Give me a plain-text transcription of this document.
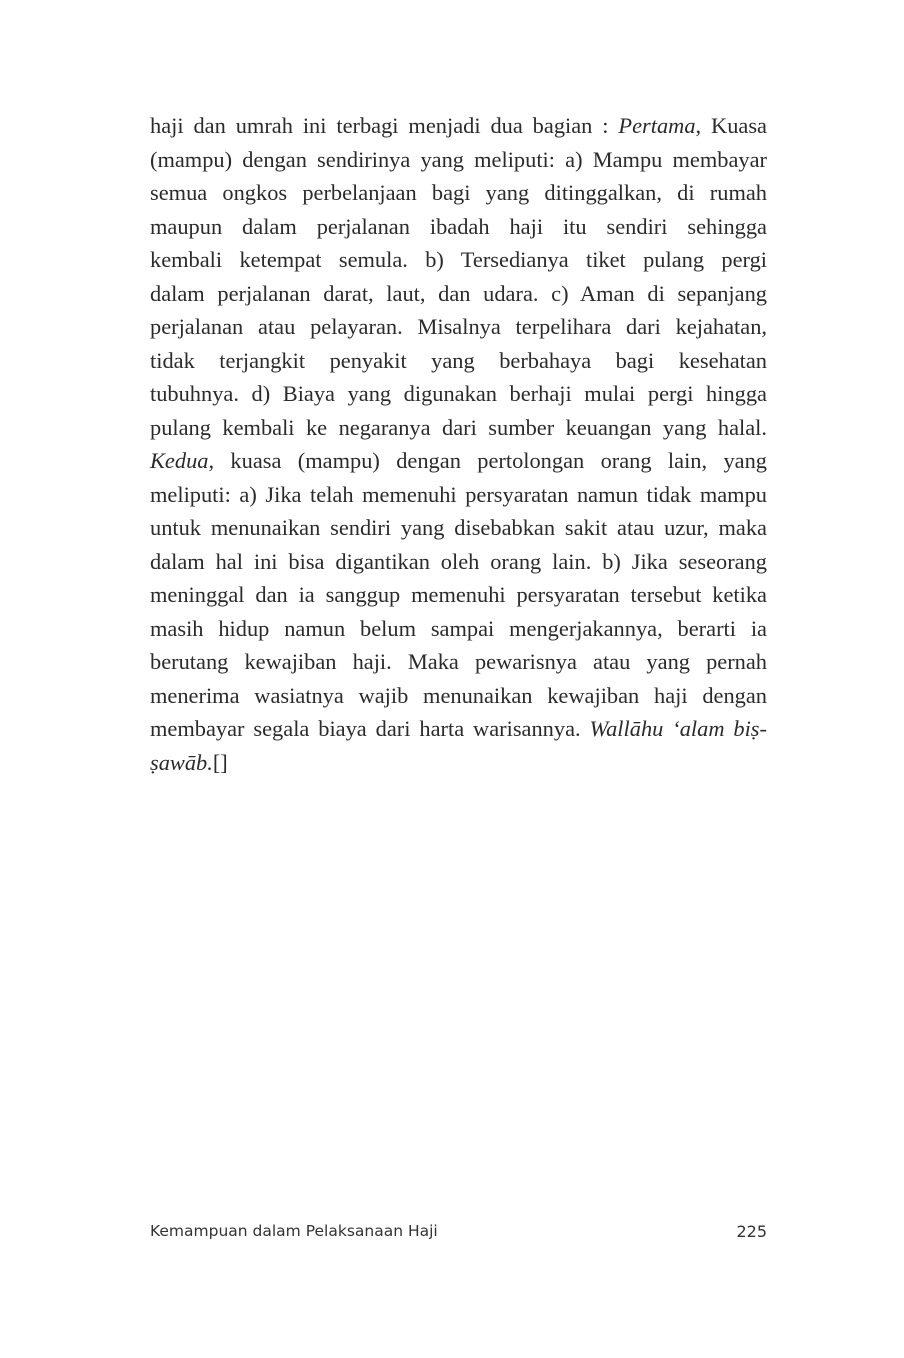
haji dan umrah ini terbagi menjadi dua bagian : Pertama, Kuasa
(mampu) dengan sendirinya yang meliputi: a) Mampu membayar
semua ongkos perbelanjaan bagi yang ditinggalkan, di rumah
maupun dalam perjalanan ibadah haji itu sendiri sehingga
kembali ketempat semula. b) Tersedianya tiket pulang pergi
dalam perjalanan darat, laut, dan udara. c) Aman di sepanjang
perjalanan atau pelayaran. Misalnya terpelihara dari kejahatan,
tidak terjangkit penyakit yang berbahaya bagi kesehatan
tubuhnya. d) Biaya yang digunakan berhaji mulai pergi hingga
pulang kembali ke negaranya dari sumber keuangan yang halal.
Kedua, kuasa (mampu) dengan pertolongan orang lain, yang
meliputi: a) Jika telah memenuhi persyaratan namun tidak mampu
untuk menunaikan sendiri yang disebabkan sakit atau uzur, maka
dalam hal ini bisa digantikan oleh orang lain. b) Jika seseorang
meninggal dan ia sanggup memenuhi persyaratan tersebut ketika
masih hidup namun belum sampai mengerjakannya, berarti ia
berutang kewajiban haji. Maka pewarisnya atau yang pernah
menerima wasiatnya wajib menunaikan kewajiban haji dengan
membayar segala biaya dari harta warisannya. Wallāhu ‘alam biṣ-
ṣawāb.[]
Kemampuan dalam Pelaksanaan Haji	225
